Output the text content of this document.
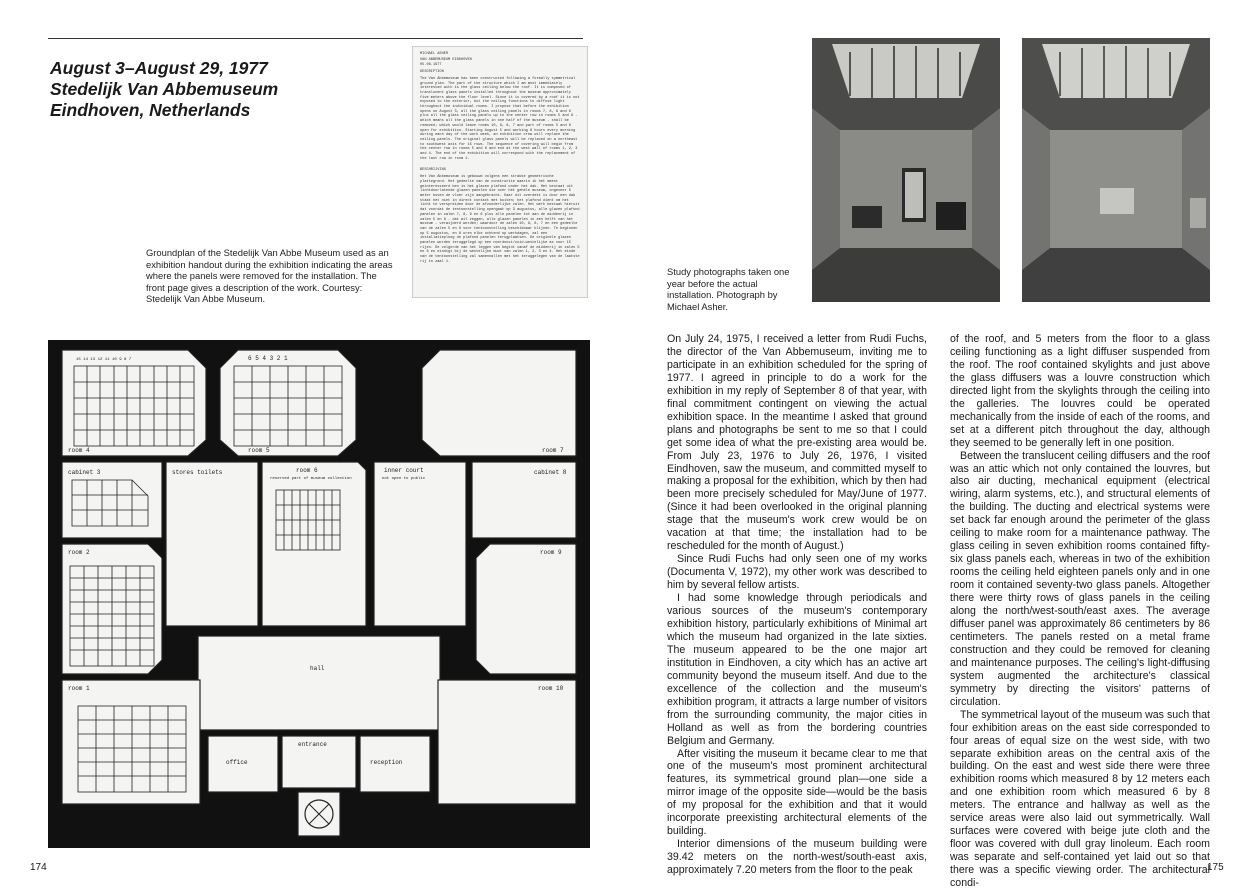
August 3–August 29, 1977
Stedelijk Van Abbemuseum
Eindhoven, Netherlands
Groundplan of the Stedelijk Van Abbe Museum used as an exhibition handout during the exhibition indicating the areas where the panels were removed for the installation. The front page gives a description of the work. Courtesy: Stedelijk Van Abbe Museum.
MICHAEL ASHER
VAN ABBEMUSEUM EINDHOVEN
05.06.1977
DESCRIPTION
The Van Abbemuseum has been constructed following a formally symmetrical ground plan. The part of the structure which I am most immediately interested with is the glass ceiling below the roof. It is composed of translucent glass panels installed throughout the museum approximately five meters above the floor level. Since it is covered by a roof it is not exposed to the exterior, but the ceiling functions to diffuse light throughout the individual rooms. I propose that before the exhibition opens on August 3, all the glass ceiling panels in rooms 7, 8, 9 and 6 plus all the glass ceiling panels up to the center row in rooms 5 and 6 - which means all the glass panels in one half of the museum - shall be removed; which would leave rooms 10, 9, 8, 7 and part of rooms 5 and 6 open for exhibition. Starting August 5 and working 8 hours every morning during each day of the work week, an exhibition crew will replace the ceiling panels. The original glass panels will be replaced on a northeast to southwest axis for 15 rows. The sequence of covering will begin from the center row in rooms 5 and 6 and end at the west wall of rooms 1, 2, 3 and 4. The end of the exhibition will correspond with the replacement of the last row in room 1.
BESCHRIJVING
Het Van Abbemuseum is gebouwd volgens een strakke geometrische plattegrond. Het gedeelte van de constructie waarin ik het meest geïnteresseerd ben is het glazen plafond onder het dak. Het bestaat uit lichtdoorlatende glazen panelen die over het gehele museum, ongeveer 5 meter boven de vloer zijn aangebracht. Daar dit overdekt is door een dak staat het niet in direct contact met buiten; het plafond dient om het licht te verspreiden door de afzonderlijke zalen. Het werk bestaat hieruit dat voordat de tentoonstelling opengaat op 3 augustus, alle glazen plafond panelen in zalen 7, 8, 9 en 6 plus alle panelen tot aan de middenrij in zalen 5 en 6 - dat wil zeggen, alle glazen panelen in een helft van het museum - verwijderd worden; waardoor de zalen 10, 9, 8, 7 en een gedeelte van de zalen 5 en 6 voor tentoonstelling beschikbaar blijven. Te beginnen op 5 augustus, en 8 uren elke ochtend op werkdagen, zal een installatieploeg de plafond panelen terugplaatsen. De originele glazen panelen worden teruggelegd op een noordoost/zuid-westelijke as voor 15 rijen. De volgorde van het leggen van begint vanaf de middenrij in zalen 5 en 6 en eindigt bij de westelijke muur van zalen 1, 2, 3 en 4. Het einde van de tentoonstelling zal samenvallen met het teruggelegen van de laatste rij in zaal 1.
room 4	room 5	room 7
cabinet 3	stores toilets	room 6
reserved part of museum collection
inner court
not open to public
cabinet 8
room 2	room 9
hall
room 1	room 10
entrance
office	reception
15 14 13 12 11 10 9 8 7	6 5 4 3 2 1
174
Study photographs taken one year before the actual installation. Photograph by Michael Asher.

On July 24, 1975, I received a letter from Rudi Fuchs, the director of the Van Abbemuseum, inviting me to participate in an exhibition scheduled for the spring of 1977. I agreed in principle to do a work for the exhibition in my reply of September 8 of that year, with final commitment contingent on viewing the actual exhibition space. In the meantime I asked that ground plans and photographs be sent to me so that I could get some idea of what the pre-existing area would be. From July 23, 1976 to July 26, 1976, I visited Eindhoven, saw the museum, and committed myself to making a proposal for the exhibition, which by then had been more precisely scheduled for May/June of 1977. (Since it had been overlooked in the original planning stage that the museum's work crew would be on vacation at that time; the installation had to be rescheduled for the month of August.)

Since Rudi Fuchs had only seen one of my works (Documenta V, 1972), my other work was described to him by several fellow artists.

I had some knowledge through periodicals and various sources of the museum's contemporary exhibition history, particularly exhibitions of Minimal art which the museum had organized in the late sixties. The museum appeared to be the one major art institution in Eindhoven, a city which has an active art community beyond the museum itself. And due to the excellence of the collection and the museum's exhibition program, it attracts a large number of visitors from the surrounding community, the major cities in Holland as well as from the bordering countries Belgium and Germany.

After visiting the museum it became clear to me that one of the museum's most prominent architectural features, its symmetrical ground plan—one side a mirror image of the opposite side—would be the basis of my proposal for the exhibition and that it would incorporate preexisting architectural elements of the building.

Interior dimensions of the museum building were 39.42 meters on the north-west/south-east axis, approximately 7.20 meters from the floor to the peak

of the roof, and 5 meters from the floor to a glass ceiling functioning as a light diffuser suspended from the roof. The roof contained skylights and just above the glass diffusers was a louvre construction which directed light from the skylights through the ceiling into the galleries. The louvres could be operated mechanically from the inside of each of the rooms, and set at a different pitch throughout the day, although they seemed to be generally left in one position.

Between the translucent ceiling diffusers and the roof was an attic which not only contained the louvres, but also air ducting, mechanical equipment (electrical wiring, alarm systems, etc.), and structural elements of the building. The ducting and electrical systems were set back far enough around the perimeter of the glass ceiling to make room for a maintenance pathway. The glass ceiling in seven exhibition rooms contained fifty-six glass panels each, whereas in two of the exhibition rooms the ceiling held eighteen panels only and in one room it contained seventy-two glass panels. Altogether there were thirty rows of glass panels in the ceiling along the north/west-south/east axes. The average diffuser panel was approximately 86 centimeters by 86 centimeters. The panels rested on a metal frame construction and they could be removed for cleaning and maintenance purposes. The ceiling's light-diffusing system augmented the architecture's classical symmetry by directing the visitors' patterns of circulation.

The symmetrical layout of the museum was such that four exhibition areas on the east side corresponded to four areas of equal size on the west side, with two separate exhibition areas on the central axis of the building. On the east and west side there were three exhibition rooms which measured 8 by 12 meters each and one exhibition room which measured 6 by 8 meters. The entrance and hallway as well as the service areas were also laid out symmetrically. Wall surfaces were covered with beige jute cloth and the floor was covered with dull gray linoleum. Each room was separate and self-contained yet laid out so that there was a specific viewing order. The architectural condi-

175
